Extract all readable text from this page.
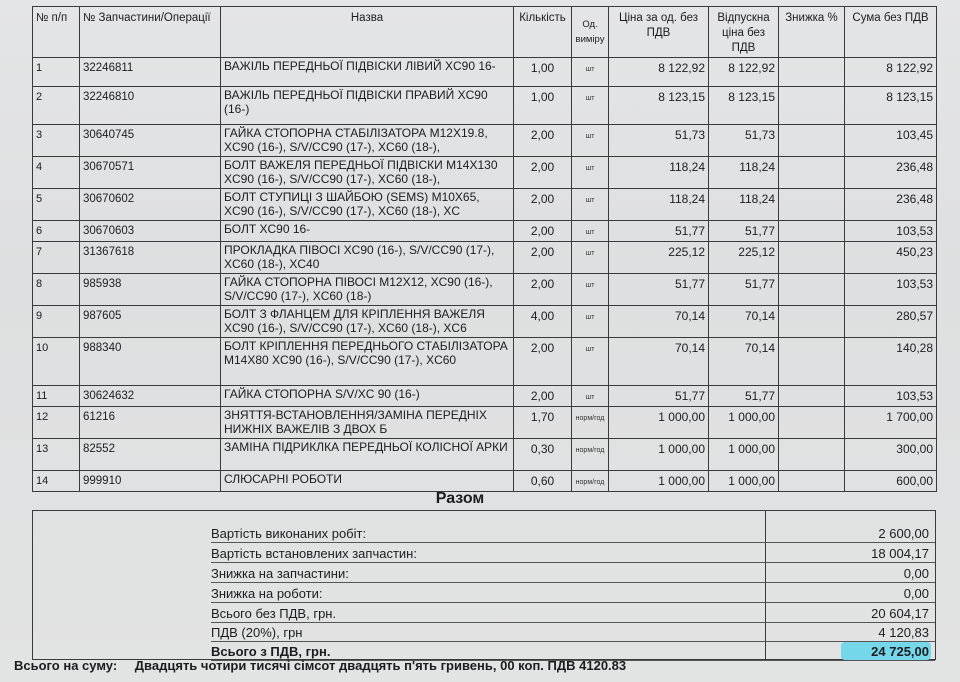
№ п/п	№ Запчастини/Операції	Назва	Кількість	Од. виміру	Ціна за од. без ПДВ	Відпускна ціна без ПДВ	Знижка %	Сума без ПДВ
1	32246811	ВАЖІЛЬ ПЕРЕДНЬОЇ ПІДВІСКИ ЛІВИЙ XC90 16-	1,00	шт	8 122,92	8 122,92		8 122,92
2	32246810	ВАЖІЛЬ ПЕРЕДНЬОЇ ПІДВІСКИ ПРАВИЙ XC90 (16-)	1,00	шт	8 123,15	8 123,15		8 123,15
3	30640745	ГАЙКА СТОПОРНА СТАБІЛІЗАТОРА M12X19.8, XC90 (16-), S/V/CC90 (17-), XC60 (18-),	2,00	шт	51,73	51,73		103,45
4	30670571	БОЛТ ВАЖЕЛЯ ПЕРЕДНЬОЇ ПІДВІСКИ M14X130 XC90 (16-), S/V/CC90 (17-), XC60 (18-),	2,00	шт	118,24	118,24		236,48
5	30670602	БОЛТ СТУПИЦІ З ШАЙБОЮ (SEMS) M10X65, XC90 (16-), S/V/CC90 (17-), XC60 (18-), XC	2,00	шт	118,24	118,24		236,48
6	30670603	БОЛТ XC90 16-	2,00	шт	51,77	51,77		103,53
7	31367618	ПРОКЛАДКА ПІВОСІ XC90 (16-), S/V/CC90 (17-), XC60 (18-), XC40	2,00	шт	225,12	225,12		450,23
8	985938	ГАЙКА СТОПОРНА ПІВОСІ M12X12, XC90 (16-), S/V/CC90 (17-), XC60 (18-)	2,00	шт	51,77	51,77		103,53
9	987605	БОЛТ З ФЛАНЦЕМ ДЛЯ КРІПЛЕННЯ ВАЖЕЛЯ XC90 (16-), S/V/CC90 (17-), XC60 (18-), XC6	4,00	шт	70,14	70,14		280,57
10	988340	БОЛТ КРІПЛЕННЯ ПЕРЕДНЬОГО СТАБІЛІЗАТОРА M14X80 XC90 (16-), S/V/CC90 (17-), XC60	2,00	шт	70,14	70,14		140,28
11	30624632	ГАЙКА СТОПОРНА S/V/XC 90 (16-)	2,00	шт	51,77	51,77		103,53
12	61216	ЗНЯТТЯ-ВСТАНОВЛЕННЯ/ЗАМІНА ПЕРЕДНІХ НИЖНІХ ВАЖЕЛІВ З ДВОХ Б	1,70	норм/год	1 000,00	1 000,00		1 700,00
13	82552	ЗАМІНА ПІДРИКЛКА ПЕРЕДНЬОЇ КОЛІСНОЇ АРКИ	0,30	норм/год	1 000,00	1 000,00		300,00
14	999910	СЛЮСАРНІ РОБОТИ	0,60	норм/год	1 000,00	1 000,00		600,00
Разом
Вартість виконаних робіт:	2 600,00
Вартість встановлених запчастин:	18 004,17
Знижка на запчастини:	0,00
Знижка на роботи:	0,00
Всього без ПДВ, грн.	20 604,17
ПДВ (20%), грн	4 120,83
Всього з ПДВ, грн.	24 725,00
Всього на суму: Двадцять чотири тисячі сімсот двадцять п'ять гривень, 00 коп. ПДВ 4120.83
